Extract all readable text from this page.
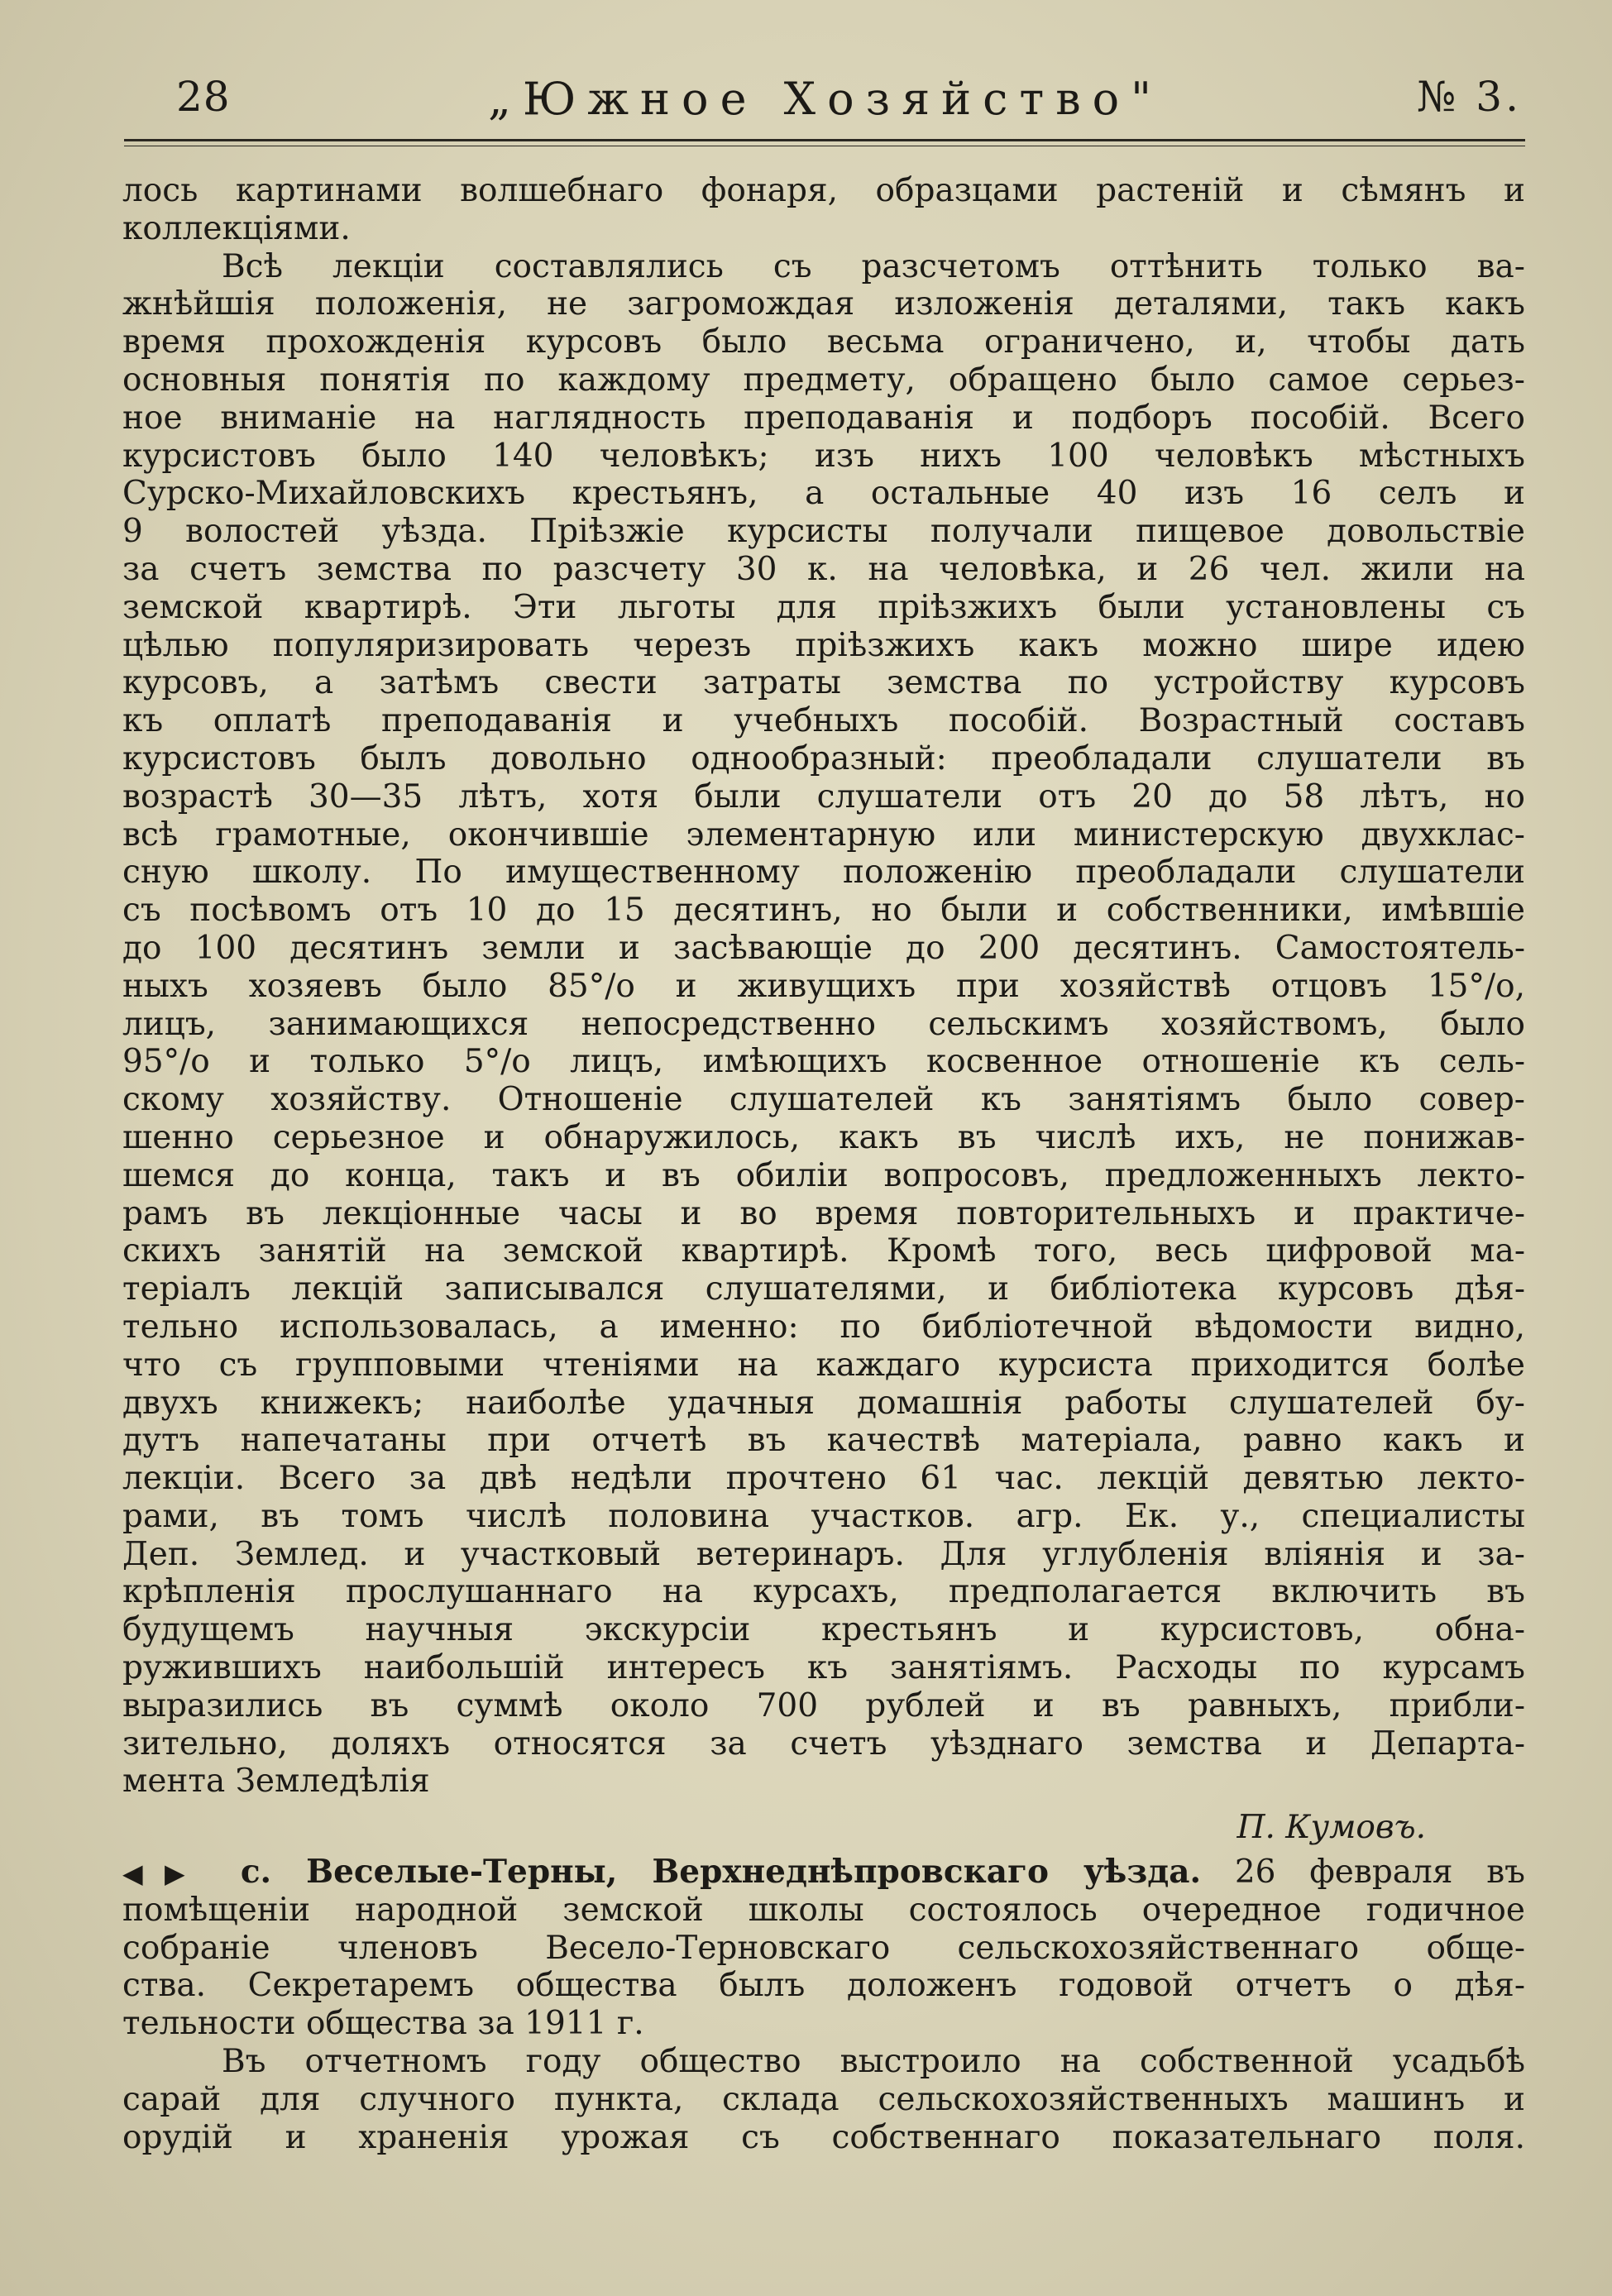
28	„Южное Хозяйство"	№ 3.
лось картинами волшебнаго фонаря, образцами растеній и сѣмянъ и
коллекціями.
Всѣ лекціи составлялись съ разсчетомъ оттѣнить только ва-
жнѣйшія положенія, не загромождая изложенія деталями, такъ какъ
время прохожденія курсовъ было весьма ограничено, и, чтобы дать
основныя понятія по каждому предмету, обращено было самое серьез-
ное вниманіе на наглядность преподаванія и подборъ пособій. Всего
курсистовъ было 140 человѣкъ; изъ нихъ 100 человѣкъ мѣстныхъ
Сурско-Михайловскихъ крестьянъ, а остальные 40 изъ 16 селъ и
9 волостей уѣзда. Пріѣзжіе курсисты получали пищевое довольствіе
за счетъ земства по разсчету 30 к. на человѣка, и 26 чел. жили на
земской квартирѣ. Эти льготы для пріѣзжихъ были установлены съ
цѣлью популяризировать черезъ пріѣзжихъ какъ можно шире идею
курсовъ, а затѣмъ свести затраты земства по устройству курсовъ
къ оплатѣ преподаванія и учебныхъ пособій. Возрастный составъ
курсистовъ былъ довольно однообразный: преобладали слушатели въ
возрастѣ 30—35 лѣтъ, хотя были слушатели отъ 20 до 58 лѣтъ, но
всѣ грамотные, окончившіе элементарную или министерскую двухклас-
сную школу. По имущественному положенію преобладали слушатели
съ посѣвомъ отъ 10 до 15 десятинъ, но были и собственники, имѣвшіе
до 100 десятинъ земли и засѣвающіе до 200 десятинъ. Самостоятель-
ныхъ хозяевъ было 85°/о и живущихъ при хозяйствѣ отцовъ 15°/о,
лицъ, занимающихся непосредственно сельскимъ хозяйствомъ, было
95°/о и только 5°/о лицъ, имѣющихъ косвенное отношеніе къ сель-
скому хозяйству. Отношеніе слушателей къ занятіямъ было совер-
шенно серьезное и обнаружилось, какъ въ числѣ ихъ, не понижав-
шемся до конца, такъ и въ обиліи вопросовъ, предложенныхъ лекто-
рамъ въ лекціонные часы и во время повторительныхъ и практиче-
скихъ занятій на земской квартирѣ. Кромѣ того, весь цифровой ма-
теріалъ лекцій записывался слушателями, и библіотека курсовъ дѣя-
тельно использовалась, а именно: по библіотечной вѣдомости видно,
что съ групповыми чтеніями на каждаго курсиста приходится болѣе
двухъ книжекъ; наиболѣе удачныя домашнія работы слушателей бу-
дутъ напечатаны при отчетѣ въ качествѣ матеріала, равно какъ и
лекціи. Всего за двѣ недѣли прочтено 61 час. лекцій девятью лекто-
рами, въ томъ числѣ половина участков. агр. Ек. у., специалисты
Деп. Землед. и участковый ветеринаръ. Для углубленія вліянія и за-
крѣпленія прослушаннаго на курсахъ, предполагается включить въ
будущемъ научныя экскурсіи крестьянъ и курсистовъ, обна-
ружившихъ наибольшій интересъ къ занятіямъ. Расходы по курсамъ
выразились въ суммѣ около 700 рублей и въ равныхъ, прибли-
зительно, доляхъ относятся за счетъ уѣзднаго земства и Департа-
мента Земледѣлія
П. Кумовъ.
◀▶ с. Веселые-Терны, Верхнеднѣпровскаго уѣзда. 26 февраля въ
помѣщеніи народной земской школы состоялось очередное годичное
собраніе членовъ Весело-Терновскаго сельскохозяйственнаго обще-
ства. Секретаремъ общества былъ доложенъ годовой отчетъ о дѣя-
тельности общества за 1911 г.
Въ отчетномъ году общество выстроило на собственной усадьбѣ
сарай для случного пункта, склада сельскохозяйственныхъ машинъ и
орудій и храненія урожая съ собственнаго показательнаго поля.
